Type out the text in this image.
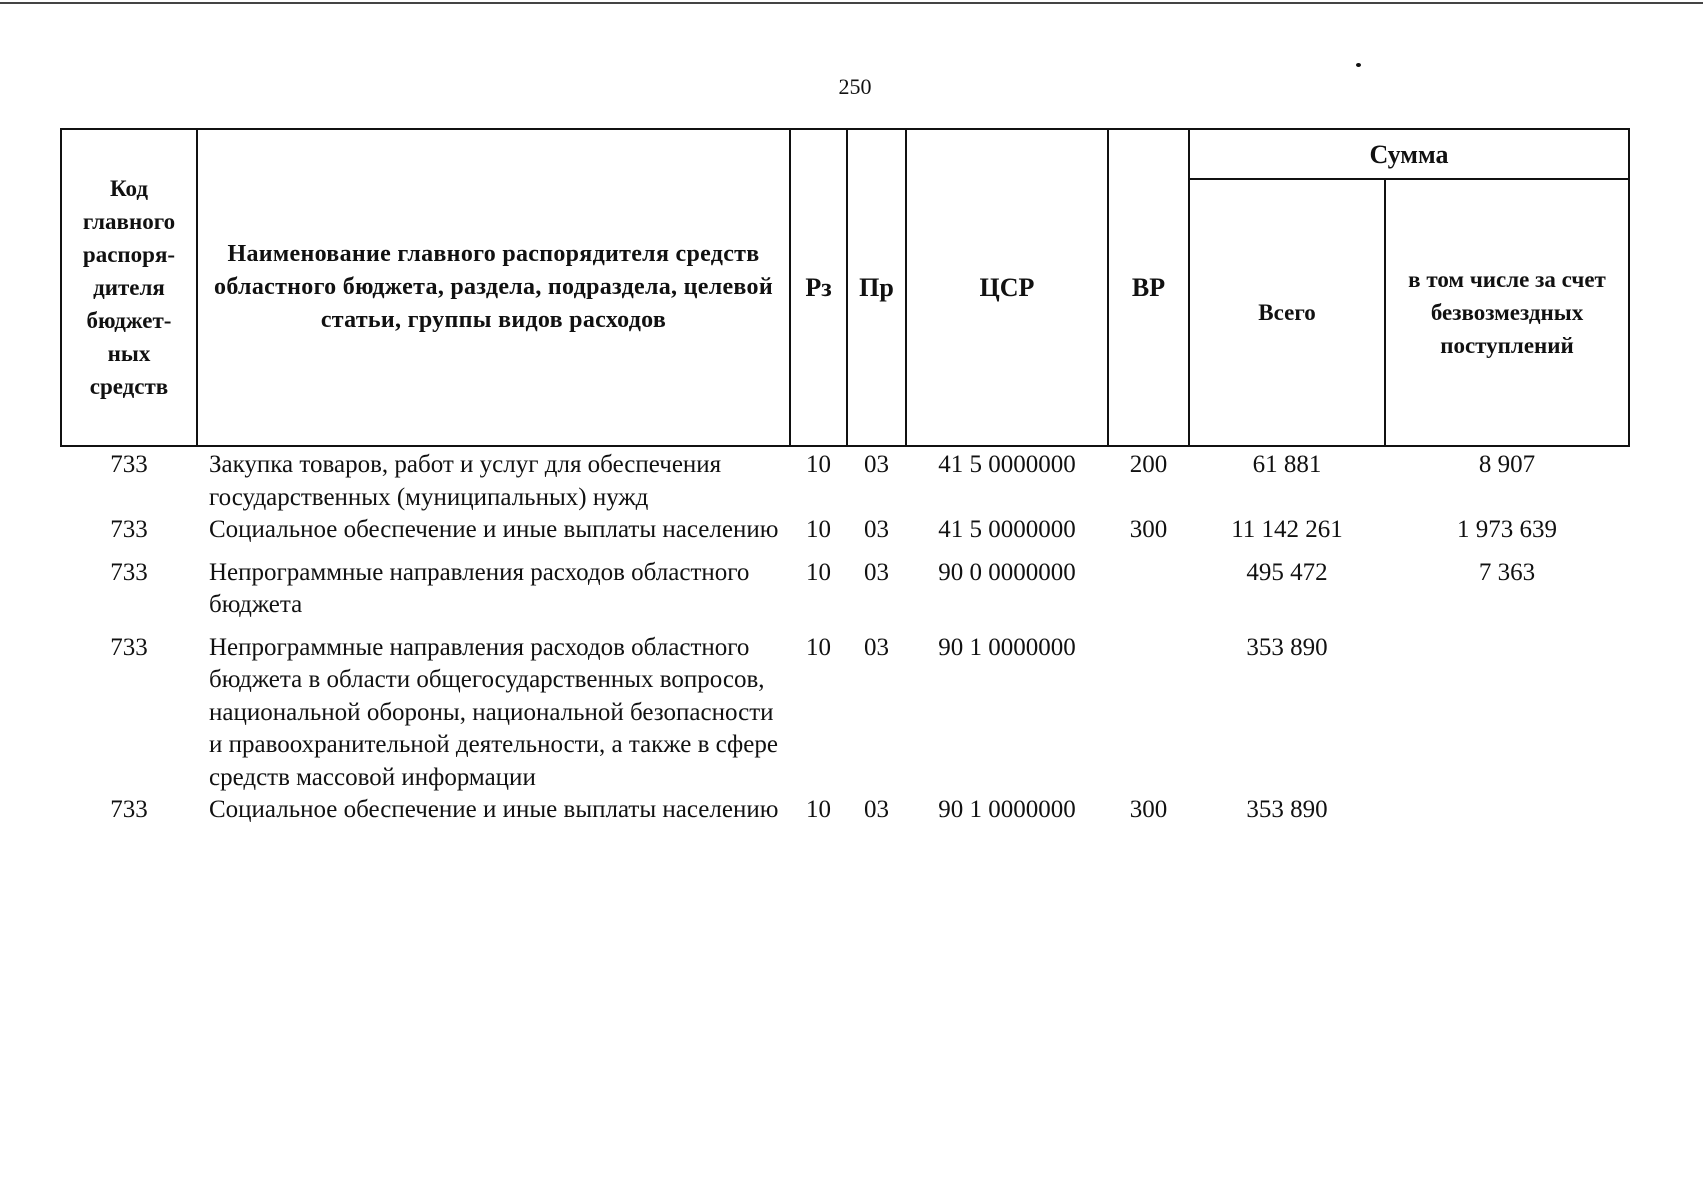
250
Код главного распоря-дителя бюджет-ных средств	Наименование главного распорядителя средств областного бюджета, раздела, подраздела, целевой статьи, группы видов расходов	Рз	Пр	ЦСР	ВР	Сумма	
						Всего	в том числе за счет безвозмездных поступлений
733	Закупка товаров, работ и услуг для обеспечения государственных (муниципальных) нужд	10	03	41 5 0000000	200	61 881	8 907
733	Социальное обеспечение и иные выплаты населению	10	03	41 5 0000000	300	11 142 261	1 973 639
733	Непрограммные направления расходов областного бюджета	10	03	90 0 0000000		495 472	7 363
733	Непрограммные направления расходов областного бюджета в области общегосударственных вопросов, национальной обороны, национальной безопасности и правоохранительной деятельности, а также в сфере средств массовой информации	10	03	90 1 0000000		353 890	
733	Социальное обеспечение и иные выплаты населению	10	03	90 1 0000000	300	353 890	
